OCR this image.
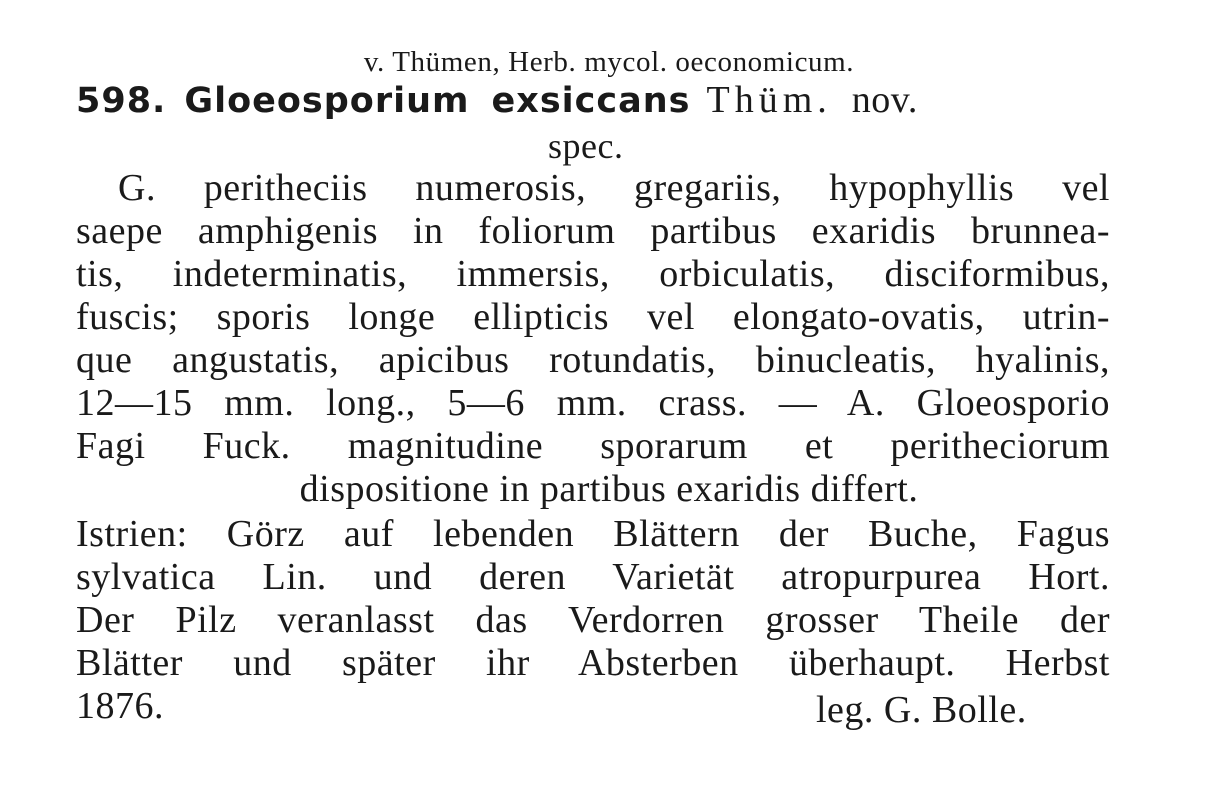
v. Thümen, Herb. mycol. oeconomicum.
598. Gloeosporium exsiccans Thüm. nov.
spec.
G. peritheciis numerosis, gregariis, hypophyllis vel
saepe amphigenis in foliorum partibus exaridis brunnea-
tis, indeterminatis, immersis, orbiculatis, disciformibus,
fuscis; sporis longe ellipticis vel elongato-ovatis, utrin-
que angustatis, apicibus rotundatis, binucleatis, hyalinis,
12—15 mm. long., 5—6 mm. crass. — A. Gloeosporio
Fagi Fuck. magnitudine sporarum et peritheciorum
dispositione in partibus exaridis differt.
Istrien: Görz auf lebenden Blättern der Buche, Fagus
sylvatica Lin. und deren Varietät atropurpurea Hort.
Der Pilz veranlasst das Verdorren grosser Theile der
Blätter und später ihr Absterben überhaupt. Herbst
1876.	leg. G. Bolle.
